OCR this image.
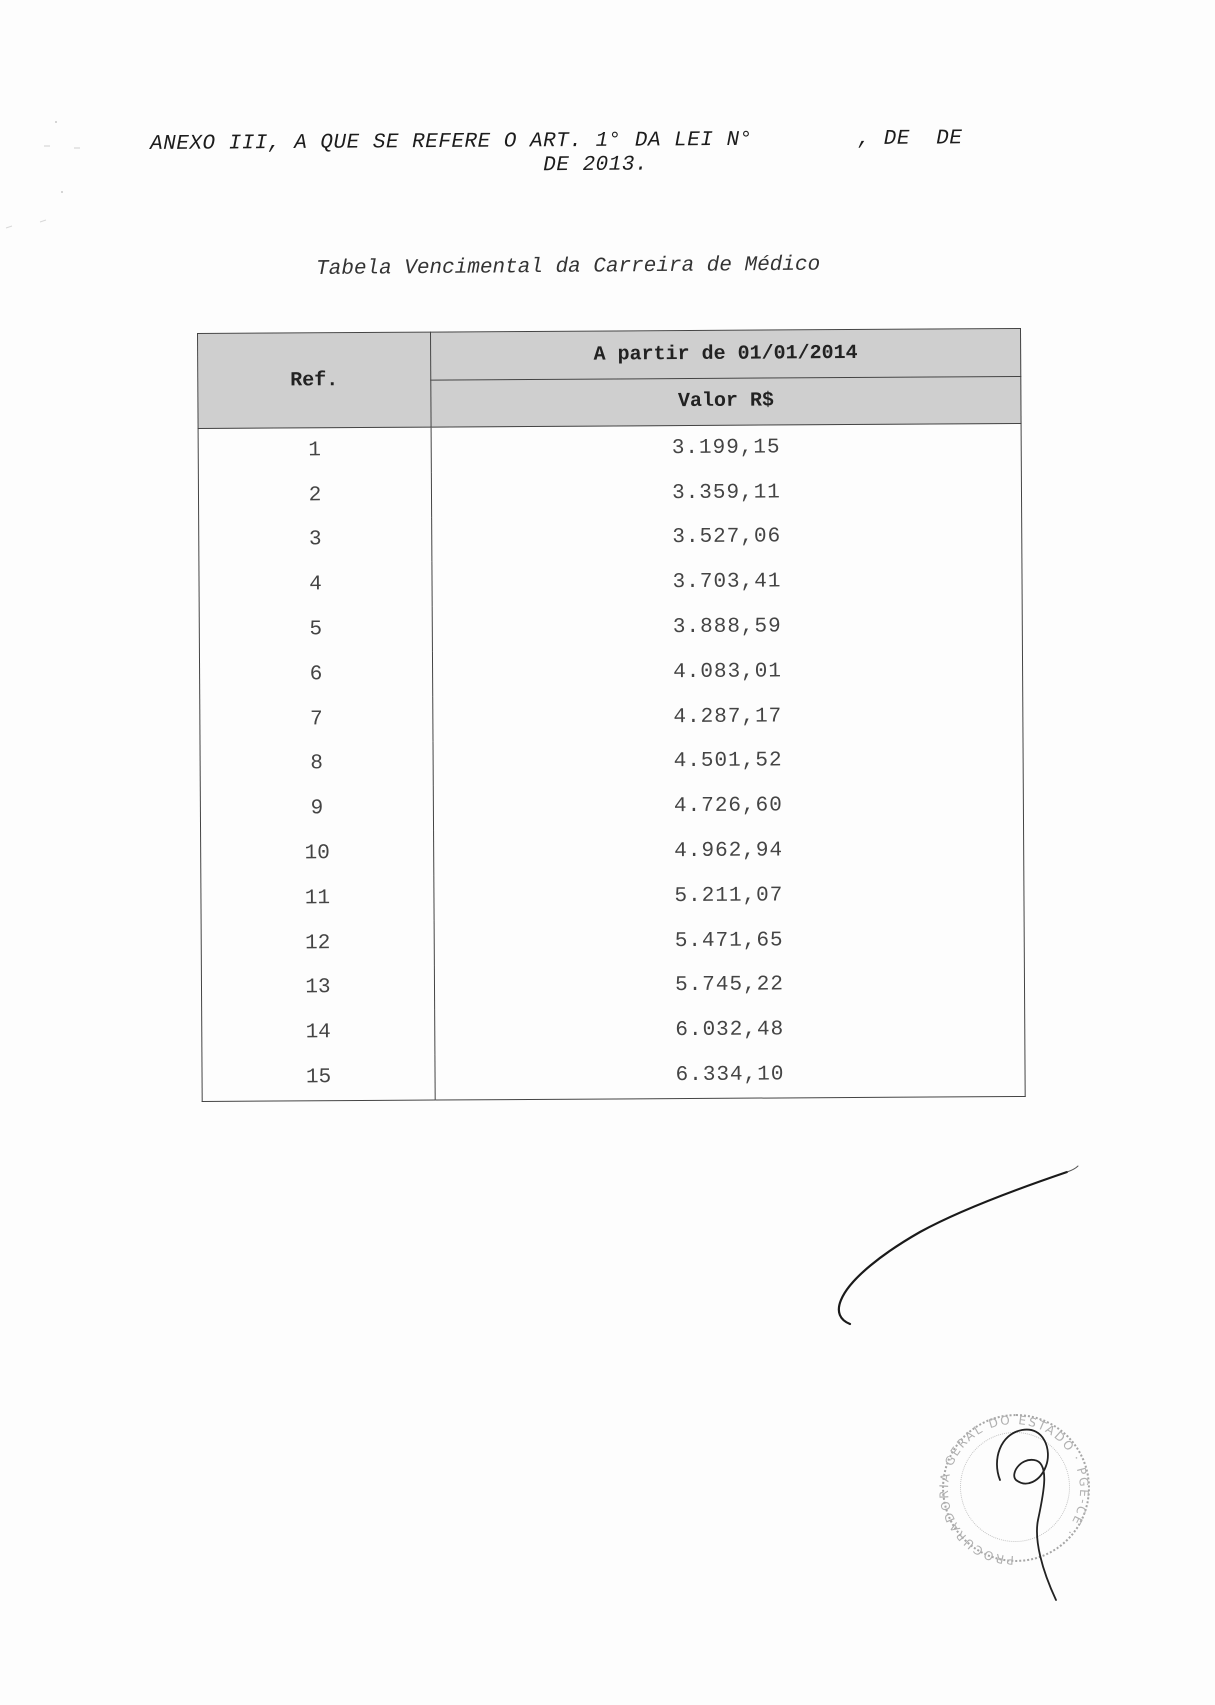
ANEXO III, A QUE SE REFERE O ART. 1° DA LEI N°        , DE  DE
DE 2013.
Tabela Vencimental da Carreira de Médico
Ref.	A partir de 01/01/2014
	Valor R$
1	3.199,15
2	3.359,11
3	3.527,06
4	3.703,41
5	3.888,59
6	4.083,01
7	4.287,17
8	4.501,52
9	4.726,60
10	4.962,94
11	5.211,07
12	5.471,65
13	5.745,22
14	6.032,48
15	6.334,10
PROCURADORIA GERAL DO ESTADO · PGE-CE ·
